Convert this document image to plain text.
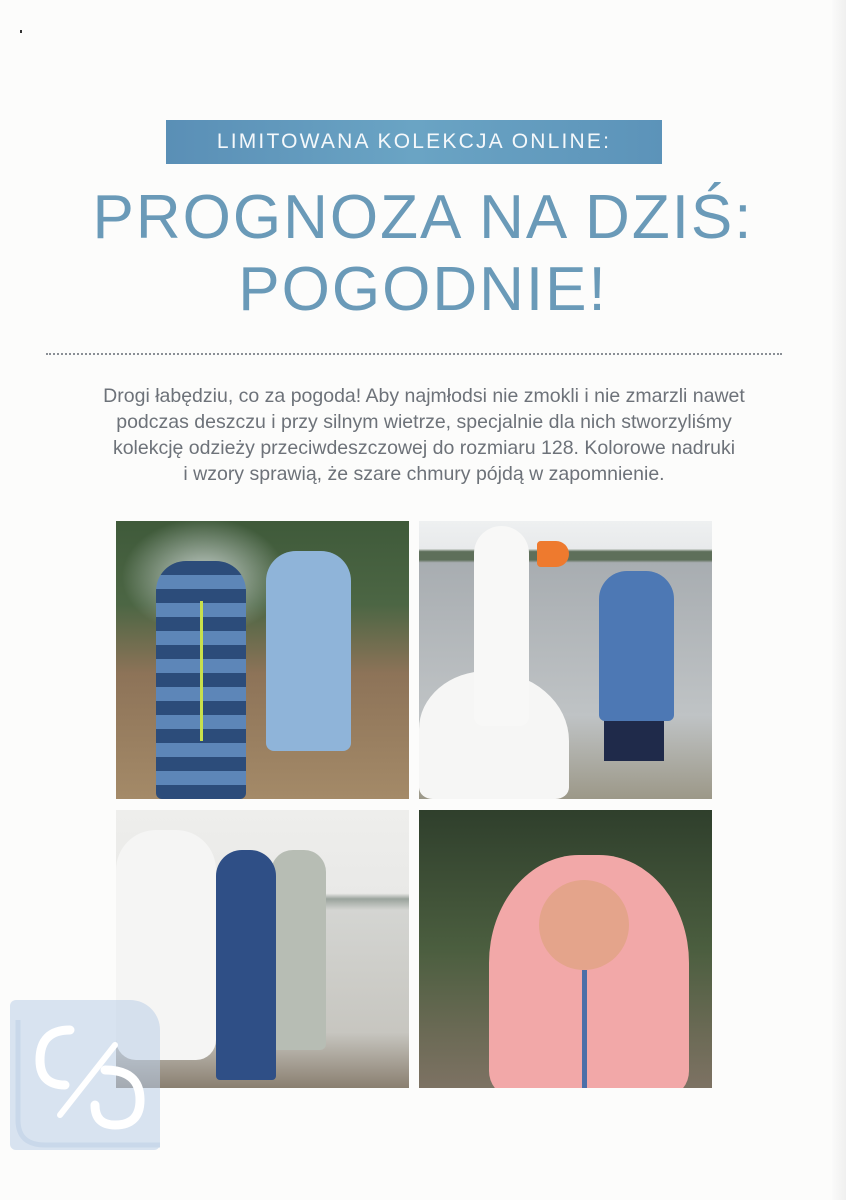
LIMITOWANA KOLEKCJA ONLINE:
PROGNOZA NA DZIŚ:
POGODNIE!
Drogi łabędziu, co za pogoda! Aby najmłodsi nie zmokli i nie zmarzli nawet
podczas deszczu i przy silnym wietrze, specjalnie dla nich stworzyliśmy
kolekcję odzieży przeciwdeszczowej do rozmiaru 128. Kolorowe nadruki
i wzory sprawią, że szare chmury pójdą w zapomnienie.
